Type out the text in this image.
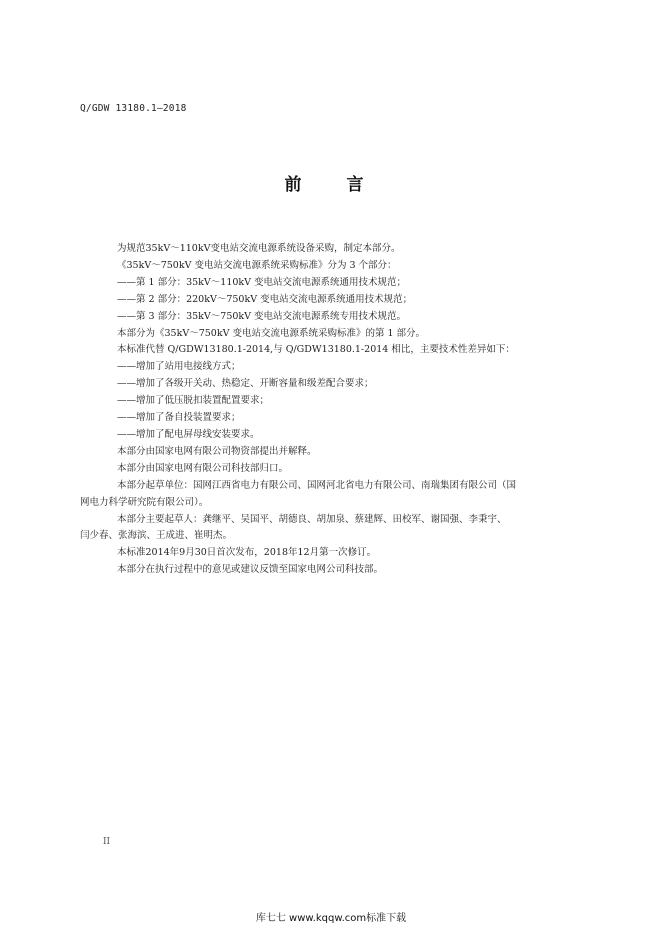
Q/GDW 13180.1—2018
前　言

为规范35kV～110kV变电站交流电源系统设备采购，制定本部分。

《35kV～750kV 变电站交流电源系统采购标准》分为 3 个部分：

——第 1 部分：35kV～110kV 变电站交流电源系统通用技术规范；

——第 2 部分：220kV～750kV 变电站交流电源系统通用技术规范；

——第 3 部分：35kV～750kV 变电站交流电源系统专用技术规范。

本部分为《35kV～750kV 变电站交流电源系统采购标准》的第 1 部分。

本标准代替 Q/GDW13180.1-2014,与 Q/GDW13180.1-2014 相比，主要技术性差异如下：

——增加了站用电接线方式；

——增加了各级开关动、热稳定、开断容量和级差配合要求；

——增加了低压脱扣装置配置要求；

——增加了备自投装置要求；

——增加了配电屏母线安装要求。

本部分由国家电网有限公司物资部提出并解释。

本部分由国家电网有限公司科技部归口。

本部分起草单位：国网江西省电力有限公司、国网河北省电力有限公司、南瑞集团有限公司（国

网电力科学研究院有限公司）。

本部分主要起草人：龚继平、吴国平、胡德良、胡加泉、蔡建辉、田校军、谢国强、李秉宇、

闫少春、张海滨、王成进、崔明杰。

本标准2014年9月30日首次发布，2018年12月第一次修订。

本部分在执行过程中的意见或建议反馈至国家电网公司科技部。

II
库七七 www.kqqw.com标准下载
